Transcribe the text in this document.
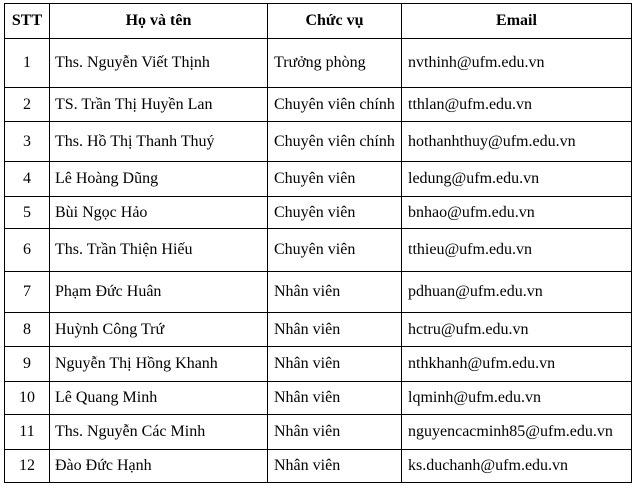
STT	Họ và tên	Chức vụ	Email
1	Ths. Nguyễn Viết Thịnh	Trưởng phòng	nvthinh@ufm.edu.vn
2	TS. Trần Thị Huyền Lan	Chuyên viên chính	tthlan@ufm.edu.vn
3	Ths. Hồ Thị Thanh Thuý	Chuyên viên chính	hothanhthuy@ufm.edu.vn
4	Lê Hoàng Dũng	Chuyên viên	ledung@ufm.edu.vn
5	Bùi Ngọc Hảo	Chuyên viên	bnhao@ufm.edu.vn
6	Ths. Trần Thiện Hiếu	Chuyên viên	tthieu@ufm.edu.vn
7	Phạm Đức Huân	Nhân viên	pdhuan@ufm.edu.vn
8	Huỳnh Công Trứ	Nhân viên	hctru@ufm.edu.vn
9	Nguyễn Thị Hồng Khanh	Nhân viên	nthkhanh@ufm.edu.vn
10	Lê Quang Minh	Nhân viên	lqminh@ufm.edu.vn
11	Ths. Nguyễn Các Minh	Nhân viên	nguyencacminh85@ufm.edu.vn
12	Đào Đức Hạnh	Nhân viên	ks.duchanh@ufm.edu.vn
